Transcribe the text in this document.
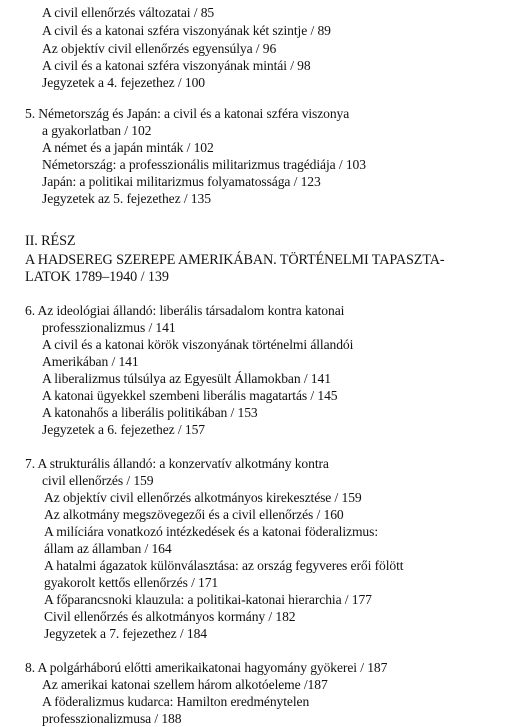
A civil ellenőrzés változatai / 85
A civil és a katonai szféra viszonyának két szintje / 89
Az objektív civil ellenőrzés egyensúlya / 96
A civil és a katonai szféra viszonyának mintái / 98
Jegyzetek a 4. fejezethez / 100
5. Németország és Japán: a civil és a katonai szféra viszonya
a gyakorlatban / 102
A német és a japán minták / 102
Németország: a professzionális militarizmus tragédiája / 103
Japán: a politikai militarizmus folyamatossága / 123
Jegyzetek az 5. fejezethez / 135
II. RÉSZ
A HADSEREG SZEREPE AMERIKÁBAN. TÖRTÉNELMI TAPASZTA-
LATOK 1789–1940 / 139
6. Az ideológiai állandó: liberális társadalom kontra katonai
professzionalizmus / 141
A civil és a katonai körök viszonyának történelmi állandói
Amerikában / 141
A liberalizmus túlsúlya az Egyesült Államokban / 141
A katonai ügyekkel szembeni liberális magatartás / 145
A katonahős a liberális politikában / 153
Jegyzetek a 6. fejezethez / 157
7. A strukturális állandó: a konzervatív alkotmány kontra
civil ellenőrzés / 159
Az objektív civil ellenőrzés alkotmányos kirekesztése / 159
Az alkotmány megszövegezői és a civil ellenőrzés / 160
A milíciára vonatkozó intézkedések és a katonai föderalizmus:
állam az államban / 164
A hatalmi ágazatok különválasztása: az ország fegyveres erői fölött
gyakorolt kettős ellenőrzés / 171
A főparancsnoki klauzula: a politikai-katonai hierarchia / 177
Civil ellenőrzés és alkotmányos kormány / 182
Jegyzetek a 7. fejezethez / 184
8. A polgárháború előtti amerikaikatonai hagyomány gyökerei / 187
Az amerikai katonai szellem három alkotóeleme /187
A föderalizmus kudarca: Hamilton eredménytelen
professzionalizmusa / 188
